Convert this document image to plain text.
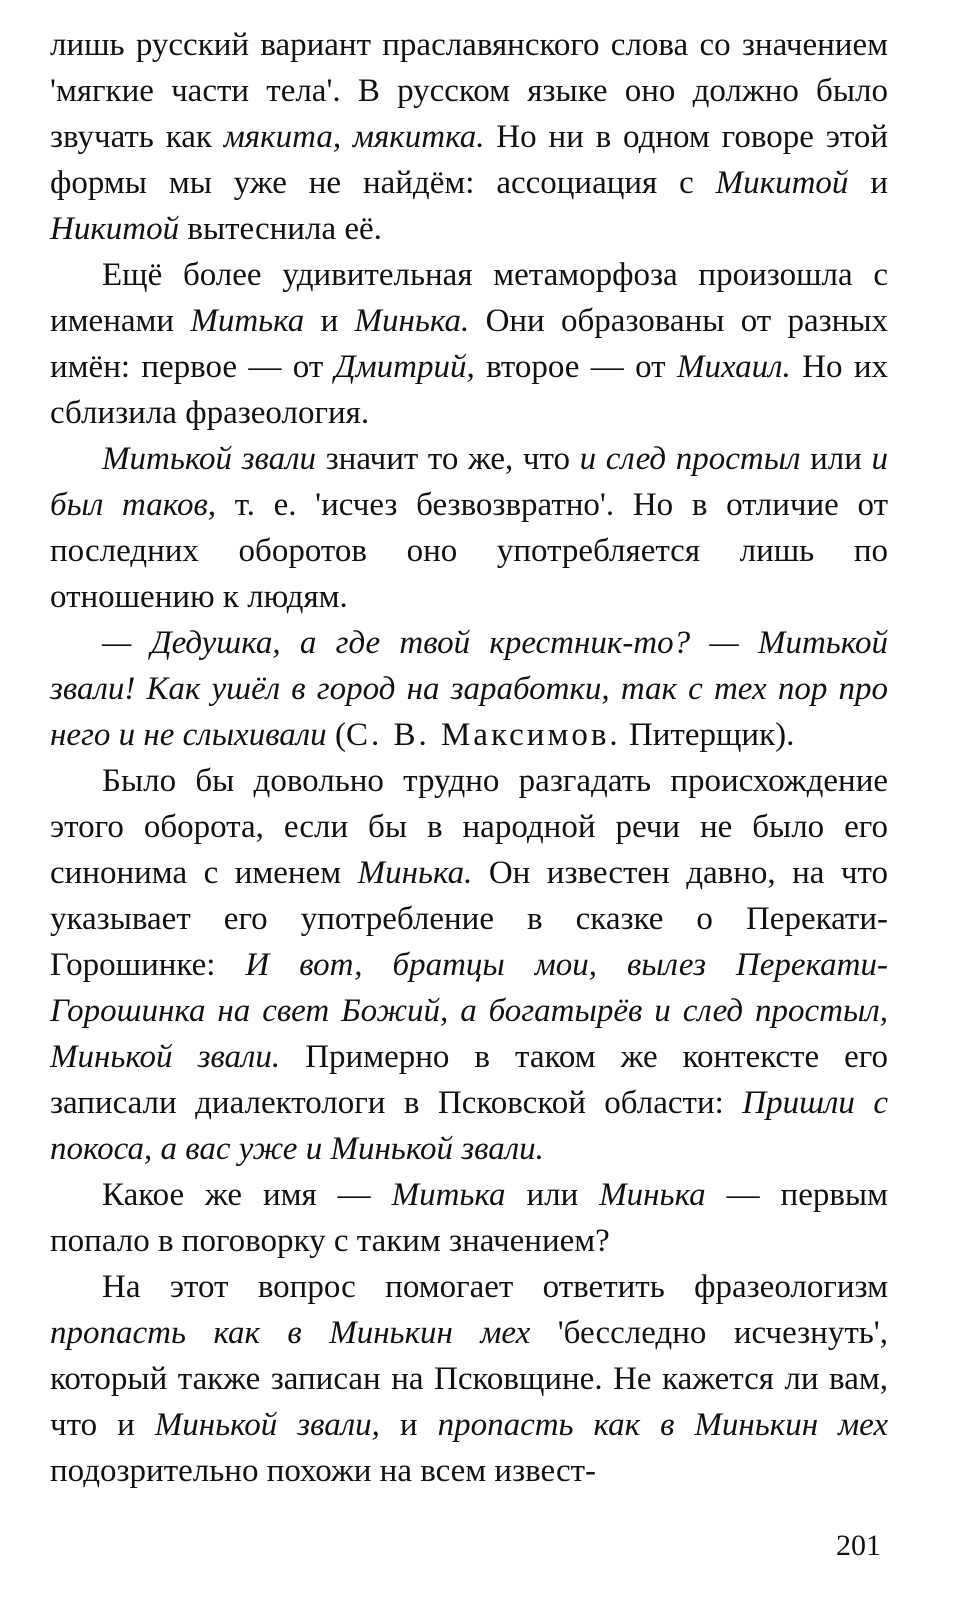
лишь русский вариант праславянского слова со значением 'мягкие части тела'. В русском языке оно должно было звучать как мякита, мякитка. Но ни в одном говоре этой формы мы уже не найдём: ассоциация с Микитой и Никитой вытеснила её.

Ещё более удивительная метаморфоза произошла с именами Митька и Минька. Они образованы от разных имён: первое — от Дмитрий, второе — от Михаил. Но их сблизила фразеология.

Митькой звали значит то же, что и след простыл или и был таков, т. е. 'исчез безвозвратно'. Но в отличие от последних оборотов оно употребляется лишь по отношению к людям.

— Дедушка, а где твой крестник-то? — Митькой звали! Как ушёл в город на заработки, так с тех пор про него и не слыхивали (С. В. Максимов. Питерщик).

Было бы довольно трудно разгадать происхождение этого оборота, если бы в народной речи не было его синонима с именем Минька. Он известен давно, на что указывает его употребление в сказке о Перекати-Горошинке: И вот, братцы мои, вылез Перекати-Горошинка на свет Божий, а богатырёв и след простыл, Минькой звали. Примерно в таком же контексте его записали диалектологи в Псковской области: Пришли с покоса, а вас уже и Минькой звали.

Какое же имя — Митька или Минька — первым попало в поговорку с таким значением?

На этот вопрос помогает ответить фразеологизм пропасть как в Минькин мех 'бесследно исчезнуть', который также записан на Псковщине. Не кажется ли вам, что и Минькой звали, и пропасть как в Минькин мех подозрительно похожи на всем извест-

201
